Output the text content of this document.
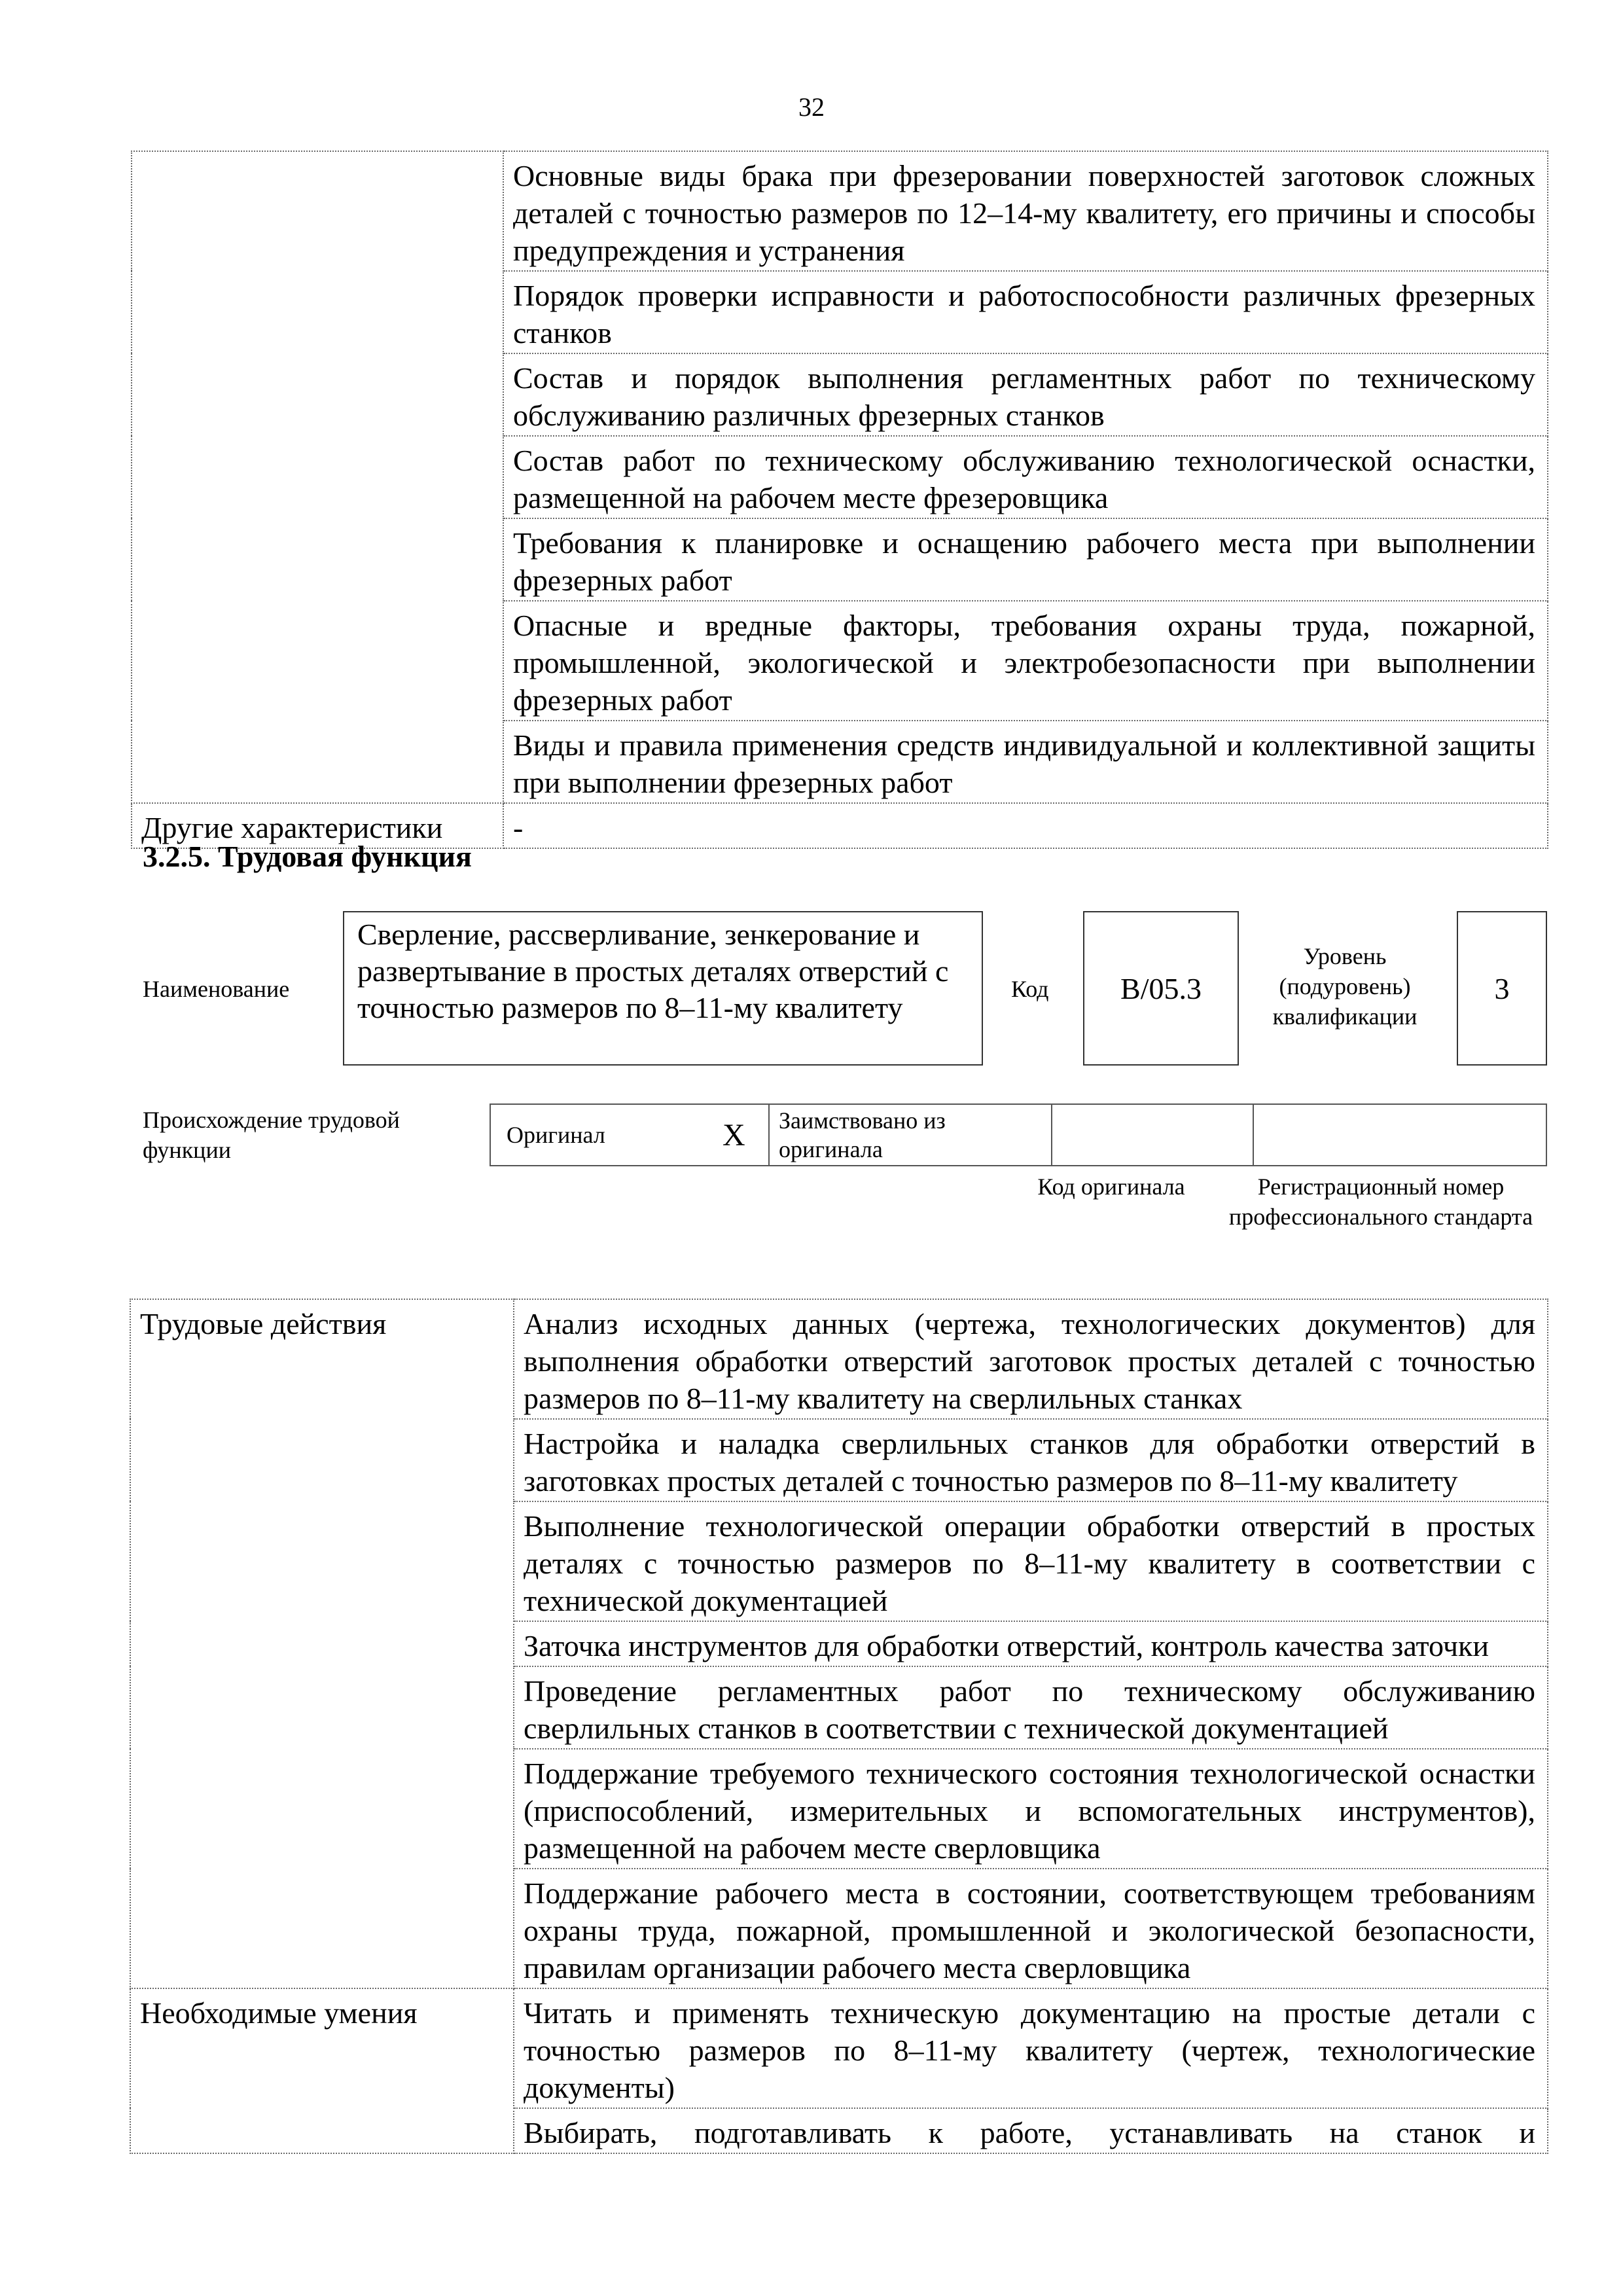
32
	Основные виды брака при фрезеровании поверхностей заготовок сложных деталей с точностью размеров по 12–14-му квалитету, его причины и способы предупреждения и устранения
	Порядок проверки исправности и работоспособности различных фрезерных станков
	Состав и порядок выполнения регламентных работ по техническому обслуживанию различных фрезерных станков
	Состав работ по техническому обслуживанию технологической оснастки, размещенной на рабочем месте фрезеровщика
	Требования к планировке и оснащению рабочего места при выполнении фрезерных работ
	Опасные и вредные факторы, требования охраны труда, пожарной, промышленной, экологической и электробезопасности при выполнении фрезерных работ
	Виды и правила применения средств индивидуальной и коллективной защиты при выполнении фрезерных работ
Другие характеристики	-
3.2.5. Трудовая функция
Наименование
Сверление, рассверливание, зенкерование и развертывание в простых деталях отверстий с точностью размеров по 8–11-му квалитету
Код	B/05.3
Уровень (подуровень) квалификации
3
Происхождение трудовой функции
Оригинал	X	Заимствовано из оригинала		
Код оригинала	Регистрационный номер профессионального стандарта
Трудовые действия	Анализ исходных данных (чертежа, технологических документов) для выполнения обработки отверстий заготовок простых деталей с точностью размеров по 8–11-му квалитету на сверлильных станках
	Настройка и наладка сверлильных станков для обработки отверстий в заготовках простых деталей с точностью размеров по 8–11-му квалитету
	Выполнение технологической операции обработки отверстий в простых деталях с точностью размеров по 8–11-му квалитету в соответствии с технической документацией
	Заточка инструментов для обработки отверстий, контроль качества заточки
	Проведение регламентных работ по техническому обслуживанию сверлильных станков в соответствии с технической документацией
	Поддержание требуемого технического состояния технологической оснастки (приспособлений, измерительных и вспомогательных инструментов), размещенной на рабочем месте сверловщика
	Поддержание рабочего места в состоянии, соответствующем требованиям охраны труда, пожарной, промышленной и экологической безопасности, правилам организации рабочего места сверловщика
Необходимые умения	Читать и применять техническую документацию на простые детали с точностью размеров по 8–11-му квалитету (чертеж, технологические документы)
	Выбирать, подготавливать к работе, устанавливать на станок и
